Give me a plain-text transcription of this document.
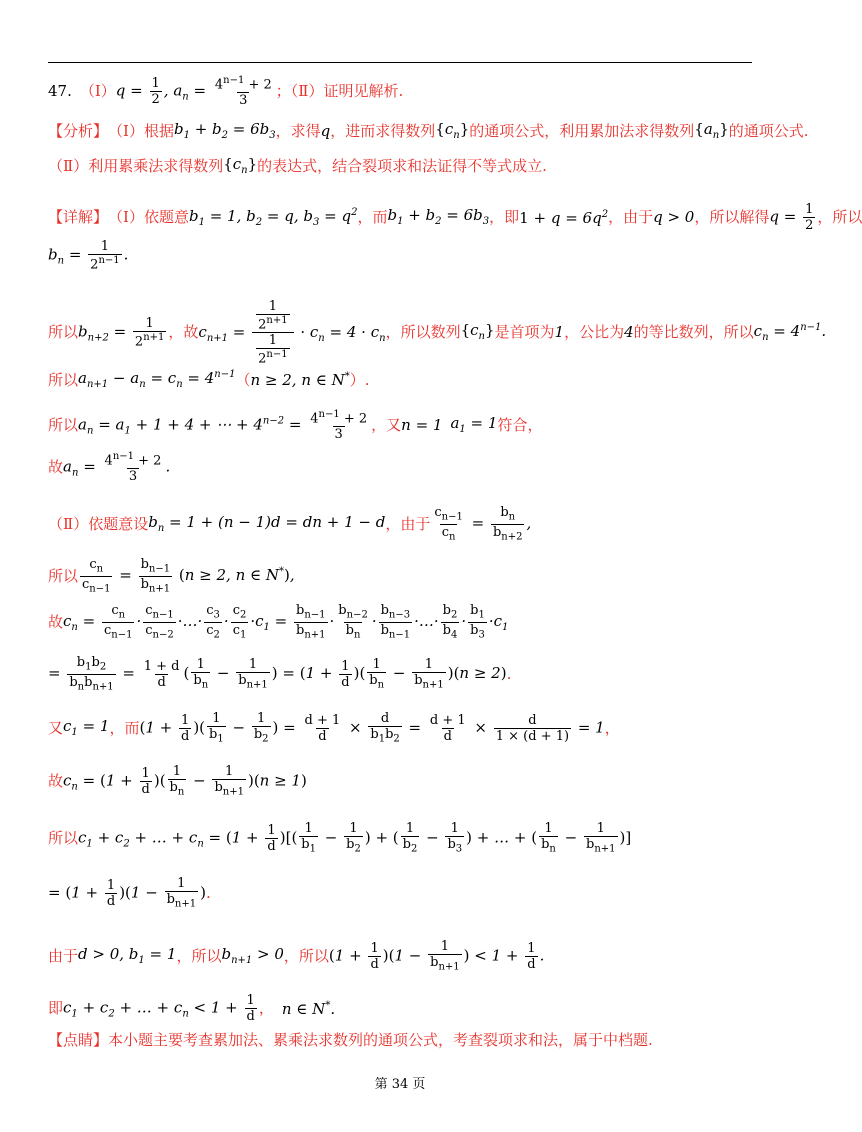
47. （Ⅰ） $q = \frac{1}{2}$ , $a_n = \frac{4^{n-1} + 2}{3}$ ；（Ⅱ） 证明见解析.
【分析】 （Ⅰ）根据 $b_1 + b_2 = 6b_3$ ，求得 q ，进而求得数列 $\{c_n\}$ 的通项公式，利用累加法求得数列 $\{a_n\}$ 的通项公式.
（Ⅱ）利用累乘法求得数列 $\{c_n\}$ 的表达式，结合裂项求和法证得不等式成立.
【详解】 （Ⅰ）依题意 $b_1 = 1$, $b_2 = q$, $b_3 = q^2$ ，而 $b_1 + b_2 = 6b_3$ ，即 $1 + q = 6q^2$ ，由于 q > 0 ，所以解得 $q = \frac{1}{2}$ ，所以
$b_n = \frac{1}{2^{n-1}}$ .
所以 $b_{n+2} = \frac{1}{2^{n+1}}$ ，故 $c_{n+1} = \frac{\frac{1}{2^{n+1}}}{\frac{1}{2^{n-1}}} \cdot c_n = 4 \cdot c_n$ ，所以数列 $\{c_n\}$ 是首项为 1 ，公比为 4 的等比数列，所以 $c_n = 4^{n-1}$.
所以 $a_{n+1} - a_n = c_n = 4^{n-1}$ （ n ≥ 2, n ∈ N* ）.
所以 $a_n = a_1 + 1 + 4$ + ⋯ + $4^{n-2} = \frac{4^{n-1} + 2}{3}$ ，又 n = 1 $a_1 = 1$ 符合，
故 $a_n = \frac{4^{n-1} + 2}{3}$ .
（Ⅱ）依题意设 $b_n = 1 + (n - 1)d$ = dn + 1 − d ，由于 $\frac{c_{n-1}}{c_n} = \frac{b_n}{b_{n+2}}$ ,
所以 $\frac{c_n}{c_{n-1}} = \frac{b_{n-1}}{b_{n+1}} (n \ge 2$, n ∈ N*),
故 $c_n = \frac{c_n}{c_{n-1}} \cdot \frac{c_{n-1}}{c_{n-2}}$ ·…· $\frac{c_3}{c_2} \cdot \frac{c_2}{c_1} \cdot c_1 = \frac{b_{n-1}}{b_{n+1}} \cdot \frac{b_{n-2}}{b_n} \cdot \frac{b_{n-3}}{b_{n-1}}$ ·…· $\frac{b_2}{b_4} \cdot \frac{b_1}{b_3} \cdot c_1$
= $\frac{b_1b_2}{b_nb_{n+1}} = \frac{1 + d}{d}$ ( $\frac{1}{b_n} - \frac{1}{b_{n+1}}$ ) = ($1 + \frac{1}{d}$ )( $\frac{1}{b_n} - \frac{1}{b_{n+1}} )(n \ge 2)$ .
又 $c_1 = 1$ ，而 ($1 + \frac{1}{d}$ )( $\frac{1}{b_1} - \frac{1}{b_2}$ ) = $\frac{d + 1}{d} \times \frac{d}{b_1b_2} = \frac{d + 1}{d} \times \frac{d}{1 \times (d + 1)} = 1$ ，
故 $c_n = (1 + \frac{1}{d}$ )( $\frac{1}{b_n} - \frac{1}{b_{n+1}} )(n \ge 1)$
所以 $c_1 + c_2$ + … + $c_n = (1 + \frac{1}{d}$ )[( $\frac{1}{b_1} - \frac{1}{b_2}$ ) + ( $\frac{1}{b_2} - \frac{1}{b_3}$ ) + … + ( $\frac{1}{b_n} - \frac{1}{b_{n+1}}$ )]
= $(1 + \frac{1}{d} )(1 - \frac{1}{b_{n+1}}$ ) .
由于 d > 0, $b_1 = 1$ ，所以 $b_{n+1} > 0$ ，所以 $(1 + \frac{1}{d} )(1 - \frac{1}{b_{n+1}}$ ) < $1 + \frac{1}{d}$ .
即 $c_1 + c_2$ + … + $c_n < 1 + \frac{1}{d}$ ， n ∈ N*.
【点睛】 本小题主要考查累加法、累乘法求数列的通项公式，考查裂项求和法，属于中档题.
第 34 页
